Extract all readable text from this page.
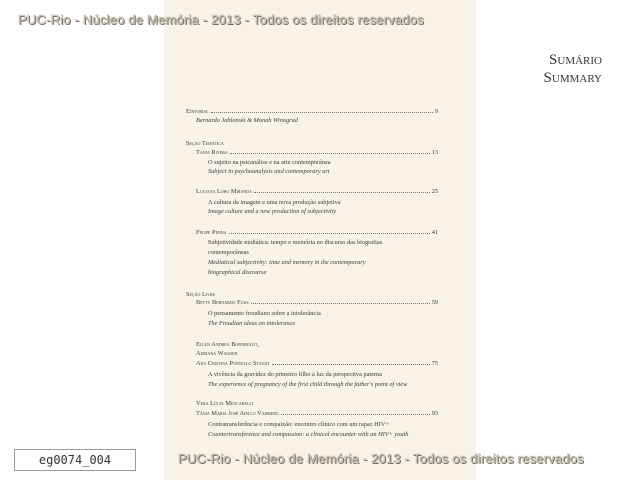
PUC-Rio - Núcleo de Memória - 2013 - Todos os direitos reservados
PUC-Rio - Núcleo de Memória - 2013 - Todos os direitos reservados
eg0074_004
Sumário
Summary
Editorial	9
Bernardo Jablonski & Monah Winograd
Seção Temática
Tania Rivera	13
O sujeito na psicanálise e na arte contemporânea
Subject in psychoanalysis and contemporary art
Luciana Lobo Miranda	25
A cultura da imagem e uma nova produção subjetiva
Image culture and a new production of subjectivity
Felipe Penna	41
Subjetividade midiática: tempo e memória no discurso das biografias
contemporâneas
Mediatical subjectivity: time and memory in the contemporary
biographical discourse
Seção Livre
Betty Bernardo Fuks	59
O pensamento freudiano sobre a intolerância
The Freudian ideas on intolerance
Ellen Andrea Bornholdt,
Adriana Wagner
Ana Cristina Pontello Staudt	75
A vivência da gravidez do primeiro filho à luz da perspectiva paterna
The experience of pregnancy of the first child through the father's point of view
Vera Lúcia Mencarelli
Tânia Maria José Aiello Vaisberg	93
Contratransferência e compaixão: encontro clínico com um rapaz HIV+
Countertransference and compassion: a clinical encounter with an HIV+ youth
